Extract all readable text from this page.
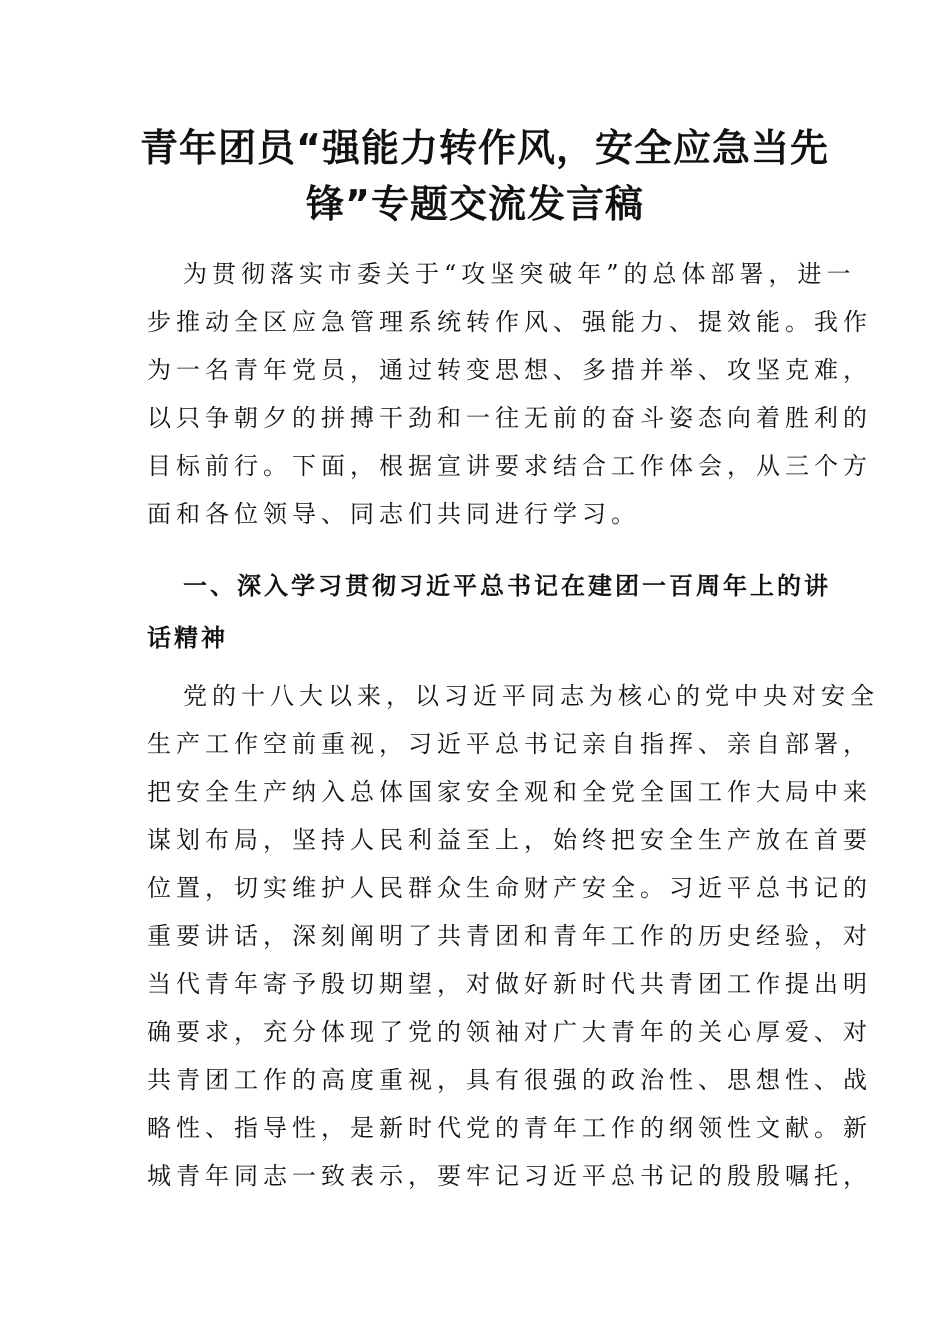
青年团员“强能力转作风，安全应急当先
锋”专题交流发言稿

为贯彻落实市委关于“攻坚突破年”的总体部署，进一
步推动全区应急管理系统转作风、强能力、提效能。我作
为一名青年党员，通过转变思想、多措并举、攻坚克难，
以只争朝夕的拼搏干劲和一往无前的奋斗姿态向着胜利的
目标前行。下面，根据宣讲要求结合工作体会，从三个方
面和各位领导、同志们共同进行学习。

一、深入学习贯彻习近平总书记在建团一百周年上的讲
话精神

党的十八大以来，以习近平同志为核心的党中央对安全
生产工作空前重视，习近平总书记亲自指挥、亲自部署，
把安全生产纳入总体国家安全观和全党全国工作大局中来
谋划布局，坚持人民利益至上，始终把安全生产放在首要
位置，切实维护人民群众生命财产安全。习近平总书记的
重要讲话，深刻阐明了共青团和青年工作的历史经验，对
当代青年寄予殷切期望，对做好新时代共青团工作提出明
确要求，充分体现了党的领袖对广大青年的关心厚爱、对
共青团工作的高度重视，具有很强的政治性、思想性、战
略性、指导性，是新时代党的青年工作的纲领性文献。新
城青年同志一致表示，要牢记习近平总书记的殷殷嘱托，
